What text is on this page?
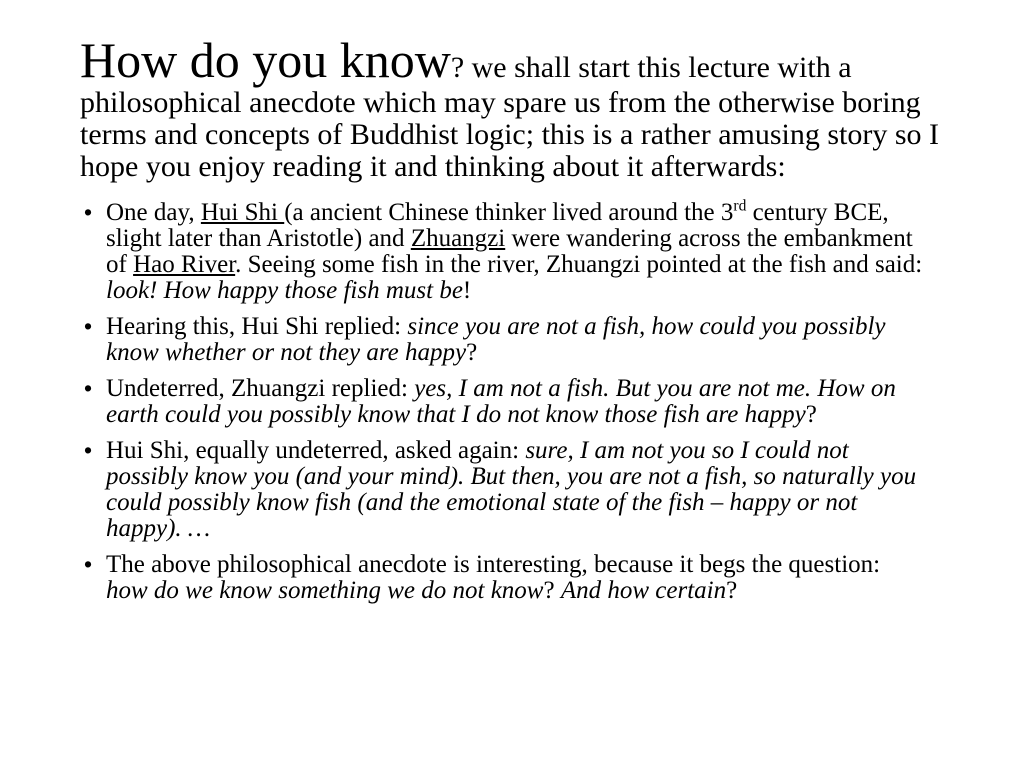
How do you know? we shall start this lecture with a philosophical anecdote which may spare us from the otherwise boring terms and concepts of Buddhist logic; this is a rather amusing story so I hope you enjoy reading it and thinking about it afterwards:
• One day, Hui Shi (a ancient Chinese thinker lived around the 3rd century BCE, slight later than Aristotle) and Zhuangzi were wandering across the embankment of Hao River. Seeing some fish in the river, Zhuangzi pointed at the fish and said: look! How happy those fish must be!
• Hearing this, Hui Shi replied: since you are not a fish, how could you possibly know whether or not they are happy?
• Undeterred, Zhuangzi replied: yes, I am not a fish. But you are not me. How on earth could you possibly know that I do not know those fish are happy?
• Hui Shi, equally undeterred, asked again: sure, I am not you so I could not possibly know you (and your mind). But then, you are not a fish, so naturally you could possibly know fish (and the emotional state of the fish – happy or not happy). …
• The above philosophical anecdote is interesting, because it begs the question: how do we know something we do not know? And how certain?
